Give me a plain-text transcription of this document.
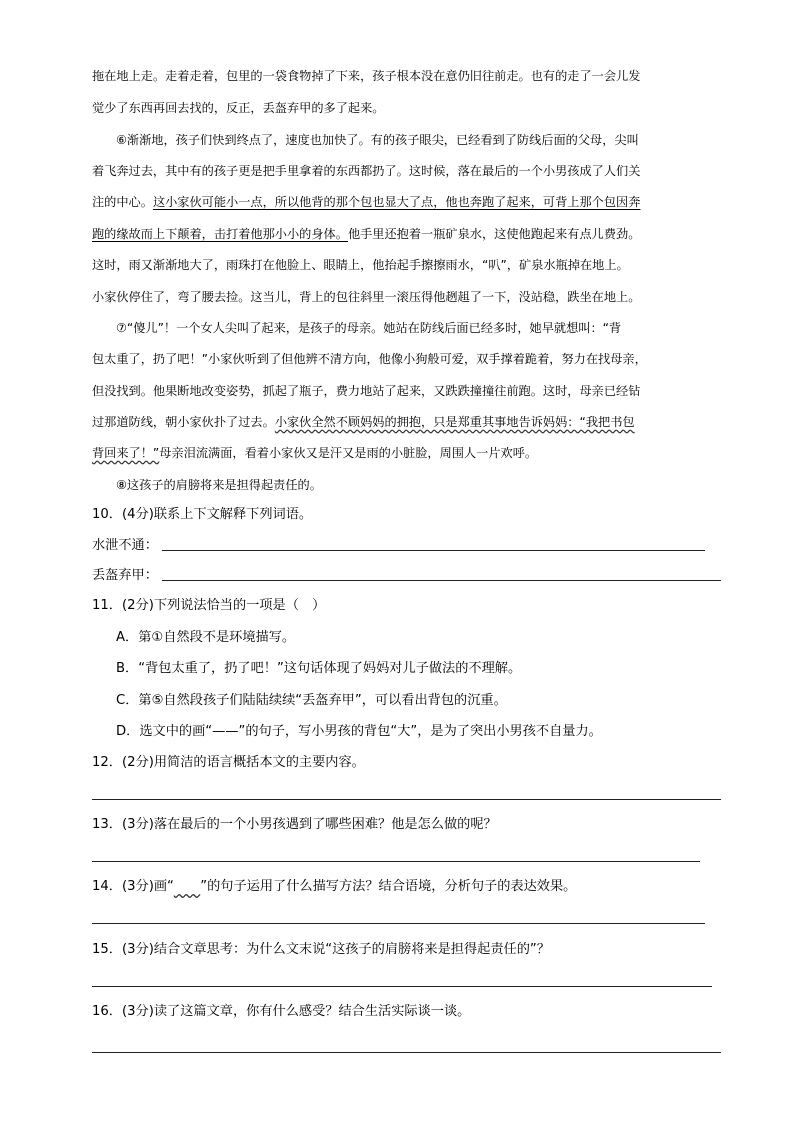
拖在地上走。走着走着，包里的一袋食物掉了下来，孩子根本没在意仍旧往前走。也有的走了一会儿发
觉少了东西再回去找的，反正，丢盔弃甲的多了起来。
⑥渐渐地，孩子们快到终点了，速度也加快了。有的孩子眼尖，已经看到了防线后面的父母，尖叫
着飞奔过去，其中有的孩子更是把手里拿着的东西都扔了。这时候，落在最后的一个小男孩成了人们关
注的中心。这小家伙可能小一点，所以他背的那个包也显大了点，他也奔跑了起来，可背上那个包因奔
跑的缘故而上下颠着，击打着他那小小的身体。他手里还抱着一瓶矿泉水，这使他跑起来有点儿费劲。
这时，雨又渐渐地大了，雨珠打在他脸上、眼睛上，他抬起手擦擦雨水，“叭”，矿泉水瓶掉在地上。
小家伙停住了，弯了腰去捡。这当儿，背上的包往斜里一滚压得他趔趄了一下，没站稳，跌坐在地上。
⑦“傻儿”！一个女人尖叫了起来，是孩子的母亲。她站在防线后面已经多时，她早就想叫：“背
包太重了，扔了吧！”小家伙听到了但他辨不清方向，他像小狗般可爱，双手撑着跪着，努力在找母亲，
但没找到。他果断地改变姿势，抓起了瓶子，费力地站了起来，又跌跌撞撞往前跑。这时，母亲已经钻
过那道防线，朝小家伙扑了过去。小家伙全然不顾妈妈的拥抱，只是郑重其事地告诉妈妈：“我把书包
背回来了！”母亲泪流满面，看着小家伙又是汗又是雨的小脏脸，周围人一片欢呼。
⑧这孩子的肩膀将来是担得起责任的。
10．(4分)联系上下文解释下列词语。
水泄不通：
丢盔弃甲：
11．(2分)下列说法恰当的一项是（　）
A．第①自然段不是环境描写。
B．“背包太重了，扔了吧！”这句话体现了妈妈对儿子做法的不理解。
C．第⑤自然段孩子们陆陆续续“丢盔弃甲”，可以看出背包的沉重。
D．选文中的画“——”的句子，写小男孩的背包“大”，是为了突出小男孩不自量力。
12．(2分)用简洁的语言概括本文的主要内容。
13．(3分)落在最后的一个小男孩遇到了哪些困难？他是怎么做的呢？
14．(3分)画“　　 ”的句子运用了什么描写方法？结合语境，分析句子的表达效果。
15．(3分)结合文章思考：为什么文末说“这孩子的肩膀将来是担得起责任的”？
16．(3分)读了这篇文章，你有什么感受？结合生活实际谈一谈。
